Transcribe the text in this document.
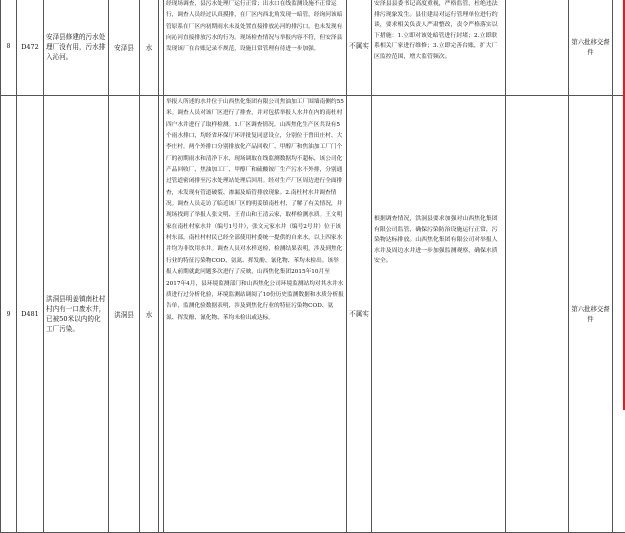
8	D472	安泽县修建的污水处理厂没有用，污水排入沁河。	安泽县	水		经现场调查，县污水处理厂运行正常；出水口在线监测设施不正常运行，调查人员经过认真摸排，在厂区内西北角发现一暗管，经询问该暗管原系在厂区内初期雨水未及处置直接排放沁河的排污口，也未发现有向沁河直接排放污水的行为。现场检查情况与举报内容不符，但安泽县发现该厂在台账记录不规范，设施日常管理有待进一步加强。	不属实	安泽县县委书记高度重视，严格监管，杜绝违法排污现象发生。县住建局对运行管理单位进行约谈，要求相关负责人严肃整改，责令严格落实以下措施：1.立即对该处暗管进行封堵；2.立即联系相关厂家进行维修；3.立即完善台账，扩大厂区监控范围，增大监管频次。		第六批移交督件	
9	D481	洪洞县明姜镇南杜村村内有一口废水井，已被50米以内的化工厂污染。	洪洞县	水		举报人所述的水井位于山西焦化集团有限公司焦油加工厂围墙南侧约55米。调查人员对该厂区进行了排查，并对包括举报人水井在内的南杜村四户水井进行了取样检测。1.厂区调查情况。山西焦化生产区共设有5个雨水排口，均经省环保厅环评批复同意设立，分别位于曾田庄村、大李庄村。两个外排口分别排放化产品回收厂、甲醇厂和焦油加工厂门个厂的初期雨水和清净下水，现场调取在线监测数据均不超标，该公司化产品回收厂、焦油加工厂、甲醇厂和硫酸铵厂生产污水不外排，分别通过管道密闭排至污水处理站处理后回用。经对生产厂区周边进行全面排查，未发现有管道破裂、渗漏及暗管排放现象。2.南杜村水井调查情况。调查人员走访了临近该厂区的明姜镇南杜村，了解了有关情况，并现场找到了举报人张文明、王青山和王清云家，取样检测水质。王文明家在南杜村家水井（编号1号井），张文元家水井（编号2号井）位于该村东部，南杜村村民已经全部使用村委统一提供的自来水，以上四家水井均为非饮用水井。调查人员对水样送检，检测结果表明，涉及到焦化行业的特征污染物COD、氨氮、挥发酚、氰化物、苯均未检出。该举报人前期就此问题多次进行了反映，山西焦化集团2015年10月至2017年4月，县环境监测部门和山西焦化公司环境监测站均对其水井水质进行过分析化验，环境监测站调阅了10份历史监测数据和水质分析报告单，监测化验数据表明，涉及到焦化行业的特征污染物COD、氨氮、挥发酚、氰化物、苯均未检出或达标。	不属实	根据调查情况，洪洞县要求加强对山西焦化集团有限公司监管，确保污染防治设施运行正常，污染物达标排放。山西焦化集团有限公司对举报人水井及周边水井进一步加强监测观察，确保水质安全。		第六批移交督件	
